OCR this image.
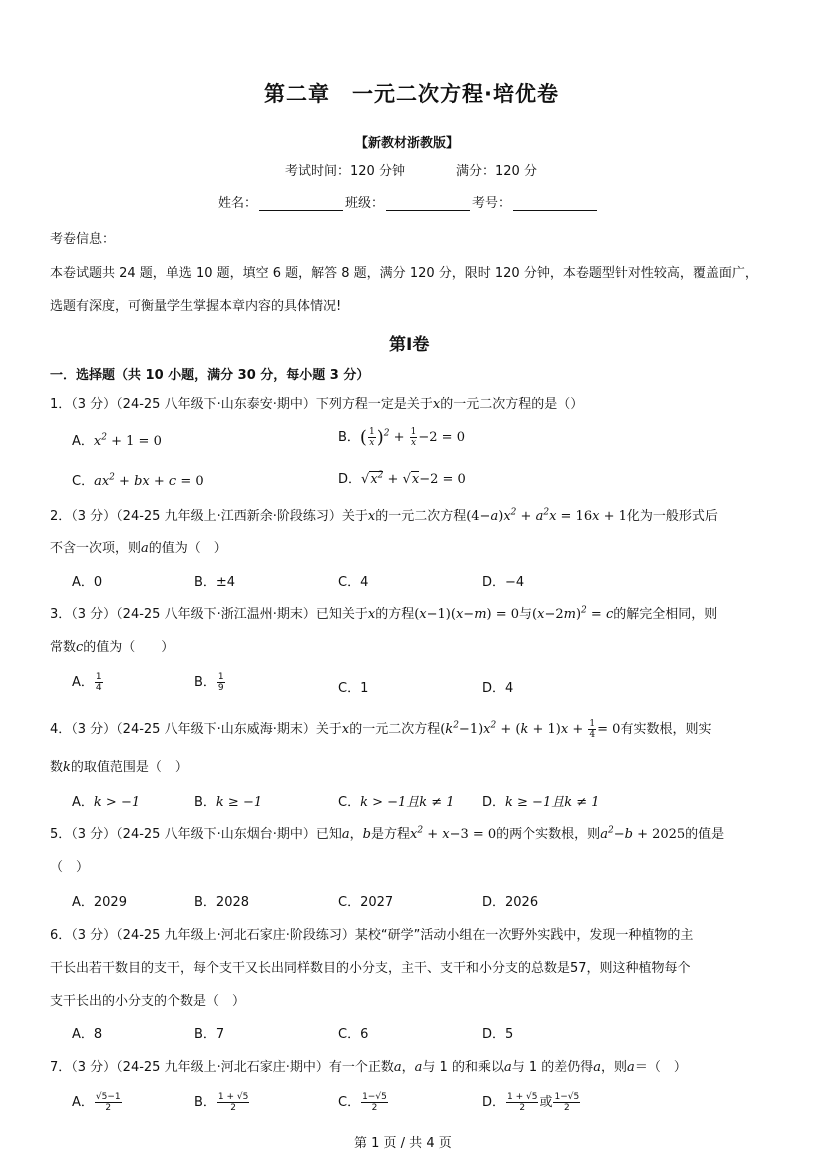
第二章　一元二次方程·培优卷
【新教材浙教版】
考试时间：120 分钟	满分：120 分
姓名：	班级：	考号：
考卷信息：
本卷试题共 24 题，单选 10 题，填空 6 题，解答 8 题，满分 120 分，限时 120 分钟，本卷题型针对性较高，覆盖面广，
选题有深度，可衡量学生掌握本章内容的具体情况!
第Ⅰ卷
一．选择题（共 10 小题，满分 30 分，每小题 3 分）
1．（3 分）（24-25 八年级下·山东泰安·期中）下列方程一定是关于x的一元二次方程的是（）
A．$x^2 + 1 = 0$	B．( $\frac{1}{x} )^2 + \frac{1}{x} -2 = 0$
C．$ax^2$ + bx + c = 0	D．$√x^2 + √x-2 = 0$
2．（3 分）（24-25 九年级上·江西新余·阶段练习）关于x的一元二次方程$(4-a)x^2 + a^2x = 16x + 1$化为一般形式后
不含一次项，则a的值为（　）
A．0	B．±4	C．4	D．−4
3．（3 分）（24-25 八年级下·浙江温州·期末）已知关于x的方程(x−1)(x−m) = 0与$(x-2m)^2 = c$的解完全相同，则
常数c的值为（　　）
A． $\frac{1}{4}$	B． $\frac{1}{9}$	C．1	D．4
4．（3 分）（24-25 八年级下·山东威海·期末）关于x的一元二次方程$(k^2-1)x^2 + (k + 1)x + \frac{1}{4} = 0$有实数根，则实
数k的取值范围是（　）
A．k > −1	B．k ≥ −1	C．k > −1且k ≠ 1 D．k ≥ −1且k ≠ 1
5．（3 分）（24-25 八年级下·山东烟台·期中）已知a，b是方程$x^2 + x-3 = 0$的两个实数根，则$a^2-b + 2025$的值是
（　）
A．2029	B．2028	C．2027	D．2026
6．（3 分）（24-25 九年级上·河北石家庄·阶段练习）某校“研学”活动小组在一次野外实践中，发现一种植物的主
干长出若干数目的支干，每个支干又长出同样数目的小分支，主干、支干和小分支的总数是57，则这种植物每个
支干长出的小分支的个数是（　）
A．8	B．7	C．6	D．5
7．（3 分）（24-25 九年级上·河北石家庄·期中）有一个正数a，a与 1 的和乘以a与 1 的差仍得a，则a＝（　）
A． $\frac{√5-1}{2}$	B． $\frac{1 + √5}{2}$	C． $\frac{1-√5}{2}$	D． $\frac{1 + √5}{2}$ 或 $\frac{1-√5}{2}$
第 1 页 / 共 4 页
